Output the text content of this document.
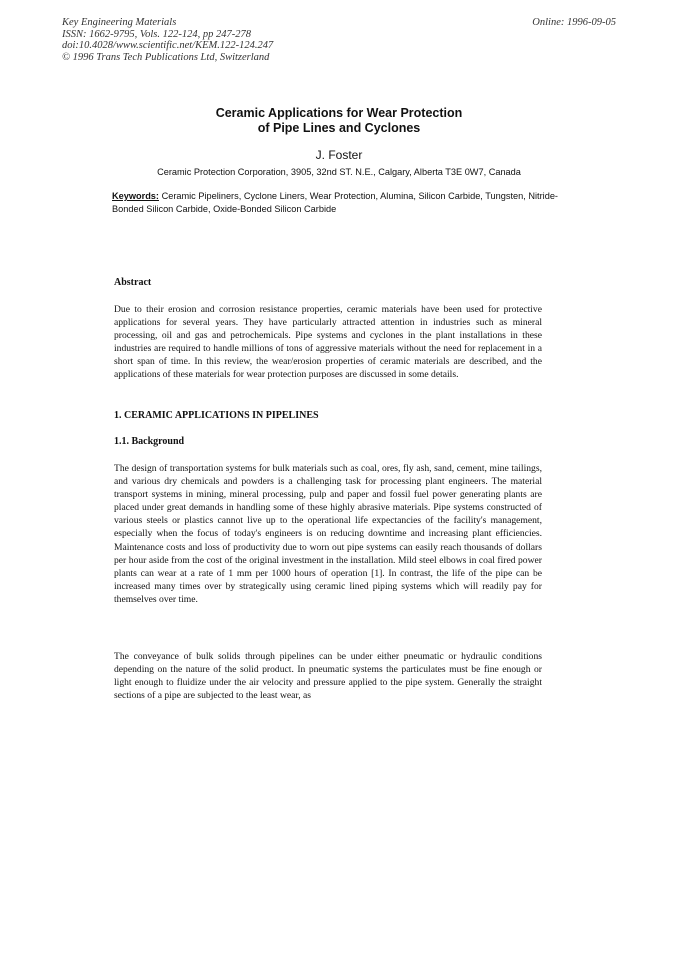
Key Engineering Materials
ISSN: 1662-9795, Vols. 122-124, pp 247-278
doi:10.4028/www.scientific.net/KEM.122-124.247
© 1996 Trans Tech Publications Ltd, Switzerland
Online: 1996-09-05
Ceramic Applications for Wear Protection
of Pipe Lines and Cyclones
J. Foster
Ceramic Protection Corporation, 3905, 32nd ST. N.E., Calgary, Alberta T3E 0W7, Canada
Keywords: Ceramic Pipeliners, Cyclone Liners, Wear Protection, Alumina, Silicon Carbide, Tungsten, Nitride-Bonded Silicon Carbide, Oxide-Bonded Silicon Carbide
Abstract
Due to their erosion and corrosion resistance properties, ceramic materials have been used for protective applications for several years. They have particularly attracted attention in industries such as mineral processing, oil and gas and petrochemicals. Pipe systems and cyclones in the plant installations in these industries are required to handle millions of tons of aggressive materials without the need for replacement in a short span of time. In this review, the wear/erosion properties of ceramic materials are described, and the applications of these materials for wear protection purposes are discussed in some details.
1. CERAMIC APPLICATIONS IN PIPELINES
1.1. Background
The design of transportation systems for bulk materials such as coal, ores, fly ash, sand, cement, mine tailings, and various dry chemicals and powders is a challenging task for processing plant engineers. The material transport systems in mining, mineral processing, pulp and paper and fossil fuel power generating plants are placed under great demands in handling some of these highly abrasive materials. Pipe systems constructed of various steels or plastics cannot live up to the operational life expectancies of the facility's management, especially when the focus of today's engineers is on reducing downtime and increasing plant efficiencies. Maintenance costs and loss of productivity due to worn out pipe systems can easily reach thousands of dollars per hour aside from the cost of the original investment in the installation. Mild steel elbows in coal fired power plants can wear at a rate of 1 mm per 1000 hours of operation [1]. In contrast, the life of the pipe can be increased many times over by strategically using ceramic lined piping systems which will readily pay for themselves over time.
The conveyance of bulk solids through pipelines can be under either pneumatic or hydraulic conditions depending on the nature of the solid product. In pneumatic systems the particulates must be fine enough or light enough to fluidize under the air velocity and pressure applied to the pipe system. Generally the straight sections of a pipe are subjected to the least wear, as
